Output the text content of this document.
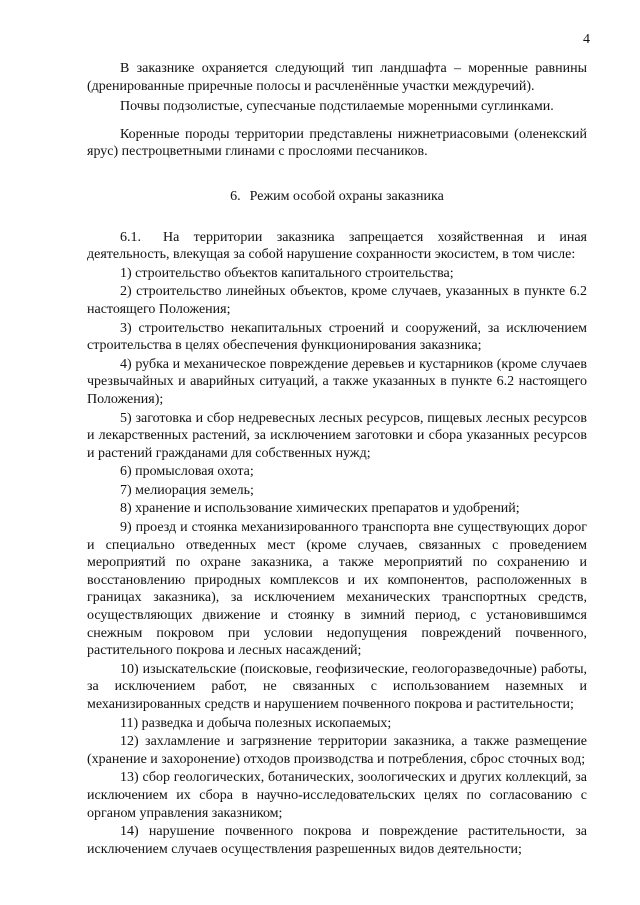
4

В заказнике охраняется следующий тип ландшафта – моренные равнины (дренированные приречные полосы и расчленённые участки междуречий).

Почвы подзолистые, супесчаные подстилаемые моренными суглинками.

Коренные породы территории представлены нижнетриасовыми (оленекский ярус) пестроцветными глинами с прослоями песчаников.

6. Режим особой охраны заказника

6.1. На территории заказника запрещается хозяйственная и иная деятельность, влекущая за собой нарушение сохранности экосистем, в том числе:

1) строительство объектов капитального строительства;

2) строительство линейных объектов, кроме случаев, указанных в пункте 6.2 настоящего Положения;

3) строительство некапитальных строений и сооружений, за исключением строительства в целях обеспечения функционирования заказника;

4) рубка и механическое повреждение деревьев и кустарников (кроме случаев чрезвычайных и аварийных ситуаций, а также указанных в пункте 6.2 настоящего Положения);

5) заготовка и сбор недревесных лесных ресурсов, пищевых лесных ресурсов и лекарственных растений, за исключением заготовки и сбора указанных ресурсов и растений гражданами для собственных нужд;

6) промысловая охота;

7) мелиорация земель;

8) хранение и использование химических препаратов и удобрений;

9) проезд и стоянка механизированного транспорта вне существующих дорог и специально отведенных мест (кроме случаев, связанных с проведением мероприятий по охране заказника, а также мероприятий по сохранению и восстановлению природных комплексов и их компонентов, расположенных в границах заказника), за исключением механических транспортных средств, осуществляющих движение и стоянку в зимний период, с установившимся снежным покровом при условии недопущения повреждений почвенного, растительного покрова и лесных насаждений;

10) изыскательские (поисковые, геофизические, геологоразведочные) работы, за исключением работ, не связанных с использованием наземных и механизированных средств и нарушением почвенного покрова и растительности;

11) разведка и добыча полезных ископаемых;

12) захламление и загрязнение территории заказника, а также размещение (хранение и захоронение) отходов производства и потребления, сброс сточных вод;

13) сбор геологических, ботанических, зоологических и других коллекций, за исключением их сбора в научно-исследовательских целях по согласованию с органом управления заказником;

14) нарушение почвенного покрова и повреждение растительности, за исключением случаев осуществления разрешенных видов деятельности;
